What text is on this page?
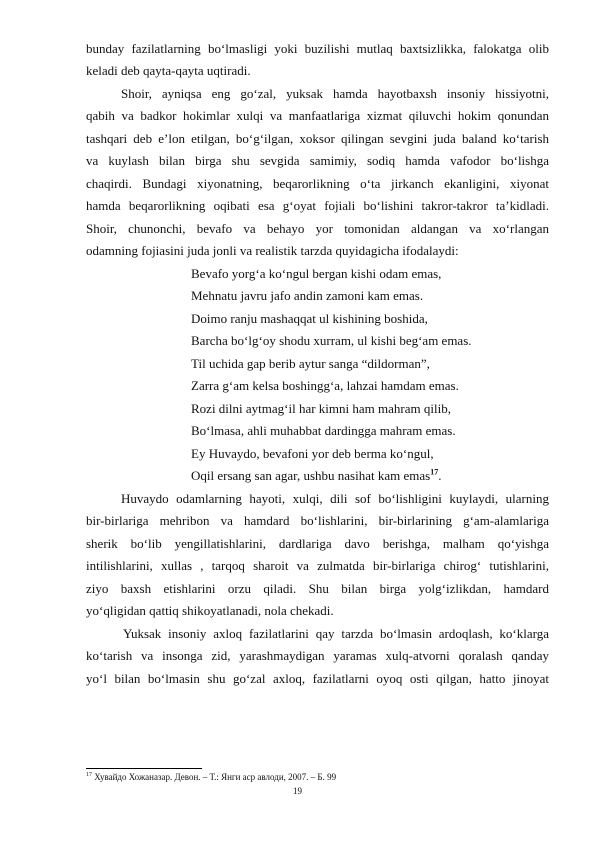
bunday fazilatlarning boʻlmasligi yoki buzilishi mutlaq baxtsizlikka, falokatga olib
keladi deb qayta-qayta uqtiradi.
Shoir, ayniqsa eng goʻzal, yuksak hamda hayotbaxsh insoniy hissiyotni,
qabih va badkor hokimlar xulqi va manfaatlariga xizmat qiluvchi hokim qonundan
tashqari deb eʼlon etilgan, boʻgʻilgan, xoksor qilingan sevgini juda baland koʻtarish
va kuylash bilan birga shu sevgida samimiy, sodiq hamda vafodor boʻlishga
chaqirdi. Bundagi xiyonatning, beqarorlikning oʻta jirkanch ekanligini, xiyonat
hamda beqarorlikning oqibati esa gʻoyat fojiali boʻlishini takror-takror taʼkidladi.
Shoir, chunonchi, bevafo va behayo yor tomonidan aldangan va xoʻrlangan
odamning fojiasini juda jonli va realistik tarzda quyidagicha ifodalaydi:
Bevafo yorgʻa koʻngul bergan kishi odam emas,
Mehnatu javru jafo andin zamoni kam emas.
Doimo ranju mashaqqat ul kishining boshida,
Barcha boʻlgʻoy shodu xurram, ul kishi beg‘am emas.
Til uchida gap berib aytur sanga “dildorman”,
Zarra gʻam kelsa boshingg‘a, lahzai hamdam emas.
Rozi dilni aytmagʻil har kimni ham mahram qilib,
Boʻlmasa, ahli muhabbat dardingga mahram emas.
Ey Huvaydo, bevafoni yor deb berma koʻngul,
Oqil ersang san agar, ushbu nasihat kam emas$^{17}$.
Huvaydo odamlarning hayoti, xulqi, dili sof boʻlishligini kuylaydi, ularning
bir-birlariga mehribon va hamdard boʻlishlarini, bir-birlarining gʻam-alamlariga
sherik boʻlib yengillatishlarini, dardlariga davo berishga, malham qoʻyishga
intilishlarini, xullas , tarqoq sharoit va zulmatda bir-birlariga chirogʻ tutishlarini,
ziyo baxsh etishlarini orzu qiladi. Shu bilan birga yolgʻizlikdan, hamdard
yoʻqligidan qattiq shikoyatlanadi, nola chekadi.
Yuksak insoniy axloq fazilatlarini qay tarzda boʻlmasin ardoqlash, koʻklarga
koʻtarish va insonga zid, yarashmaydigan yaramas xulq-atvorni qoralash qanday
yoʻl bilan boʻlmasin shu goʻzal axloq, fazilatlarni oyoq osti qilgan, hatto jinoyat
$^{17}$ Хувайдо Хожаназар. Девон. – Т.: Янги аср авлоди, 2007. – Б. 99
19
